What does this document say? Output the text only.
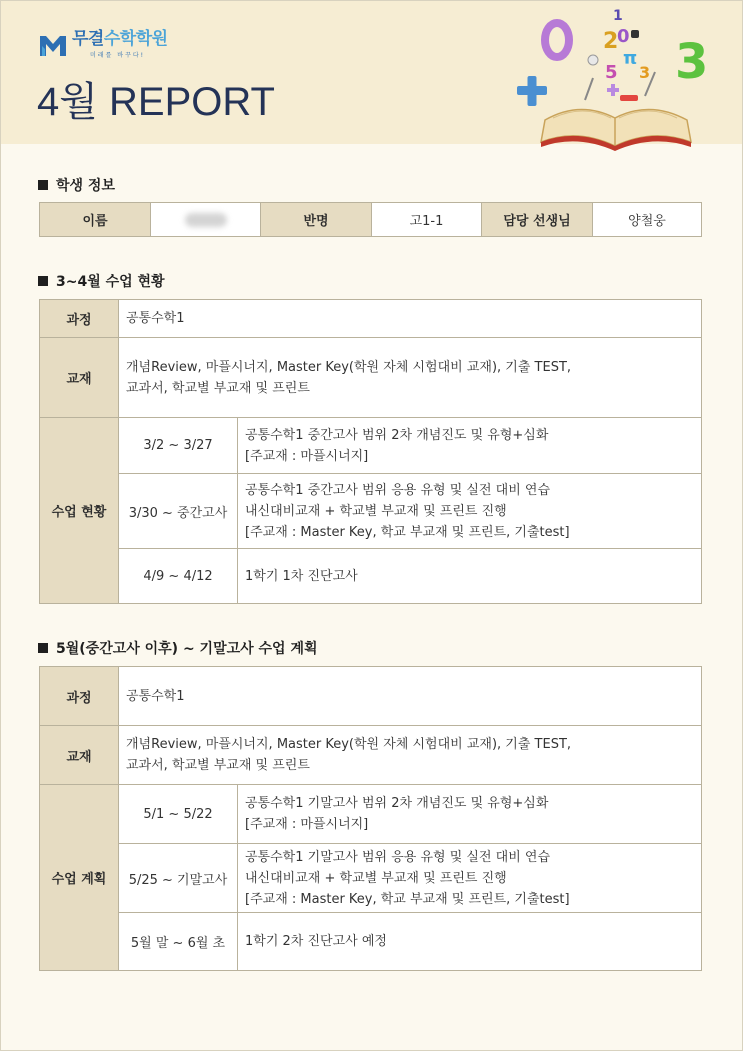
무결수학학원
미래를 바꾸다!
4월 REPORT
3
2
0
1
π
3
5
학생 정보
이름		반명	고1-1	담당 선생님	양철웅
3~4월 수업 현황
과정	공통수학1	
교재	개념Review, 마플시너지, Master Key(학원 자체 시험대비 교재), 기출 TEST,
교과서, 학교별 부교재 및 프린트	

수업 현황	3/2 ~ 3/27	공통수학1 중간고사 범위 2차 개념진도 및 유형+심화
[주교재 : 마플시너지]

	3/30 ~ 중간고사	공통수학1 중간고사 범위 응용 유형 및 실전 대비 연습
내신대비교재 + 학교별 부교재 및 프린트 진행
[주교재 : Master Key, 학교 부교재 및 프린트, 기출test]

	4/9 ~ 4/12	1학기 1차 진단고사
5월(중간고사 이후) ~ 기말고사 수업 계획
과정	공통수학1	
교재	개념Review, 마플시너지, Master Key(학원 자체 시험대비 교재), 기출 TEST,
교과서, 학교별 부교재 및 프린트	

수업 계획	5/1 ~ 5/22	공통수학1 기말고사 범위 2차 개념진도 및 유형+심화
[주교재 : 마플시너지]

	5/25 ~ 기말고사	공통수학1 기말고사 범위 응용 유형 및 실전 대비 연습
내신대비교재 + 학교별 부교재 및 프린트 진행
[주교재 : Master Key, 학교 부교재 및 프린트, 기출test]

	5월 말 ~ 6월 초	1학기 2차 진단고사 예정
